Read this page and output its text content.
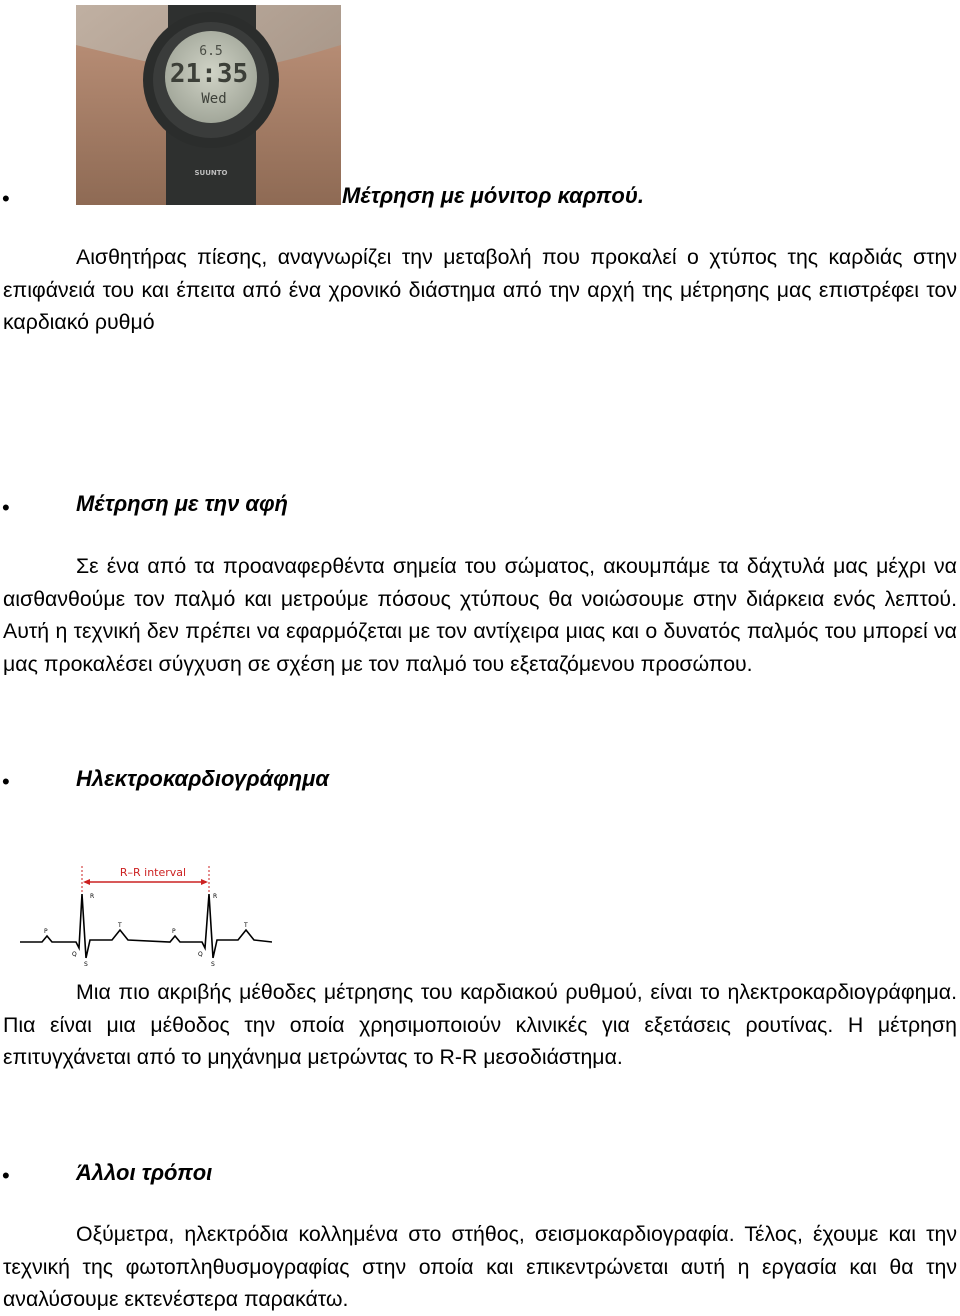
6.5
21:35
Wed
SUUNTO
•	Μέτρηση με μόνιτορ καρπού.
Αισθητήρας πίεσης, αναγνωρίζει την μεταβολή που προκαλεί ο χτύπος της καρδιάς στην επιφάνειά του και έπειτα από ένα χρονικό διάστημα από την αρχή της μέτρησης μας επιστρέφει τον καρδιακό ρυθμό
•	Μέτρηση με την αφή
Σε ένα από τα προαναφερθέντα σημεία του σώματος, ακουμπάμε τα δάχτυλά μας μέχρι να αισθανθούμε τον παλμό και μετρούμε πόσους χτύπους θα νοιώσουμε στην διάρκεια ενός λεπτού. Αυτή η τεχνική δεν πρέπει να εφαρμόζεται με τον αντίχειρα μιας και ο δυνατός παλμός του μπορεί να μας προκαλέσει σύγχυση σε σχέση με τον παλμό του εξεταζόμενου προσώπου.
•	Ηλεκτροκαρδιογράφημα
R–R interval
R	R
P	P
T	T
Q	Q
S	S
Μια πιο ακριβής μέθοδες μέτρησης του καρδιακού ρυθμού, είναι το ηλεκτροκαρδιογράφημα. Πια είναι μια μέθοδος την οποία χρησιμοποιούν κλινικές για εξετάσεις ρουτίνας. Η μέτρηση επιτυγχάνεται από το μηχάνημα μετρώντας το R-R μεσοδιάστημα.
•	Άλλοι τρόποι
Οξύμετρα, ηλεκτρόδια κολλημένα στο στήθος, σεισμοκαρδιογραφία. Τέλος, έχουμε και την τεχνική της φωτοπληθυσμογραφίας στην οποία και επικεντρώνεται αυτή η εργασία και θα την αναλύσουμε εκτενέστερα παρακάτω.
